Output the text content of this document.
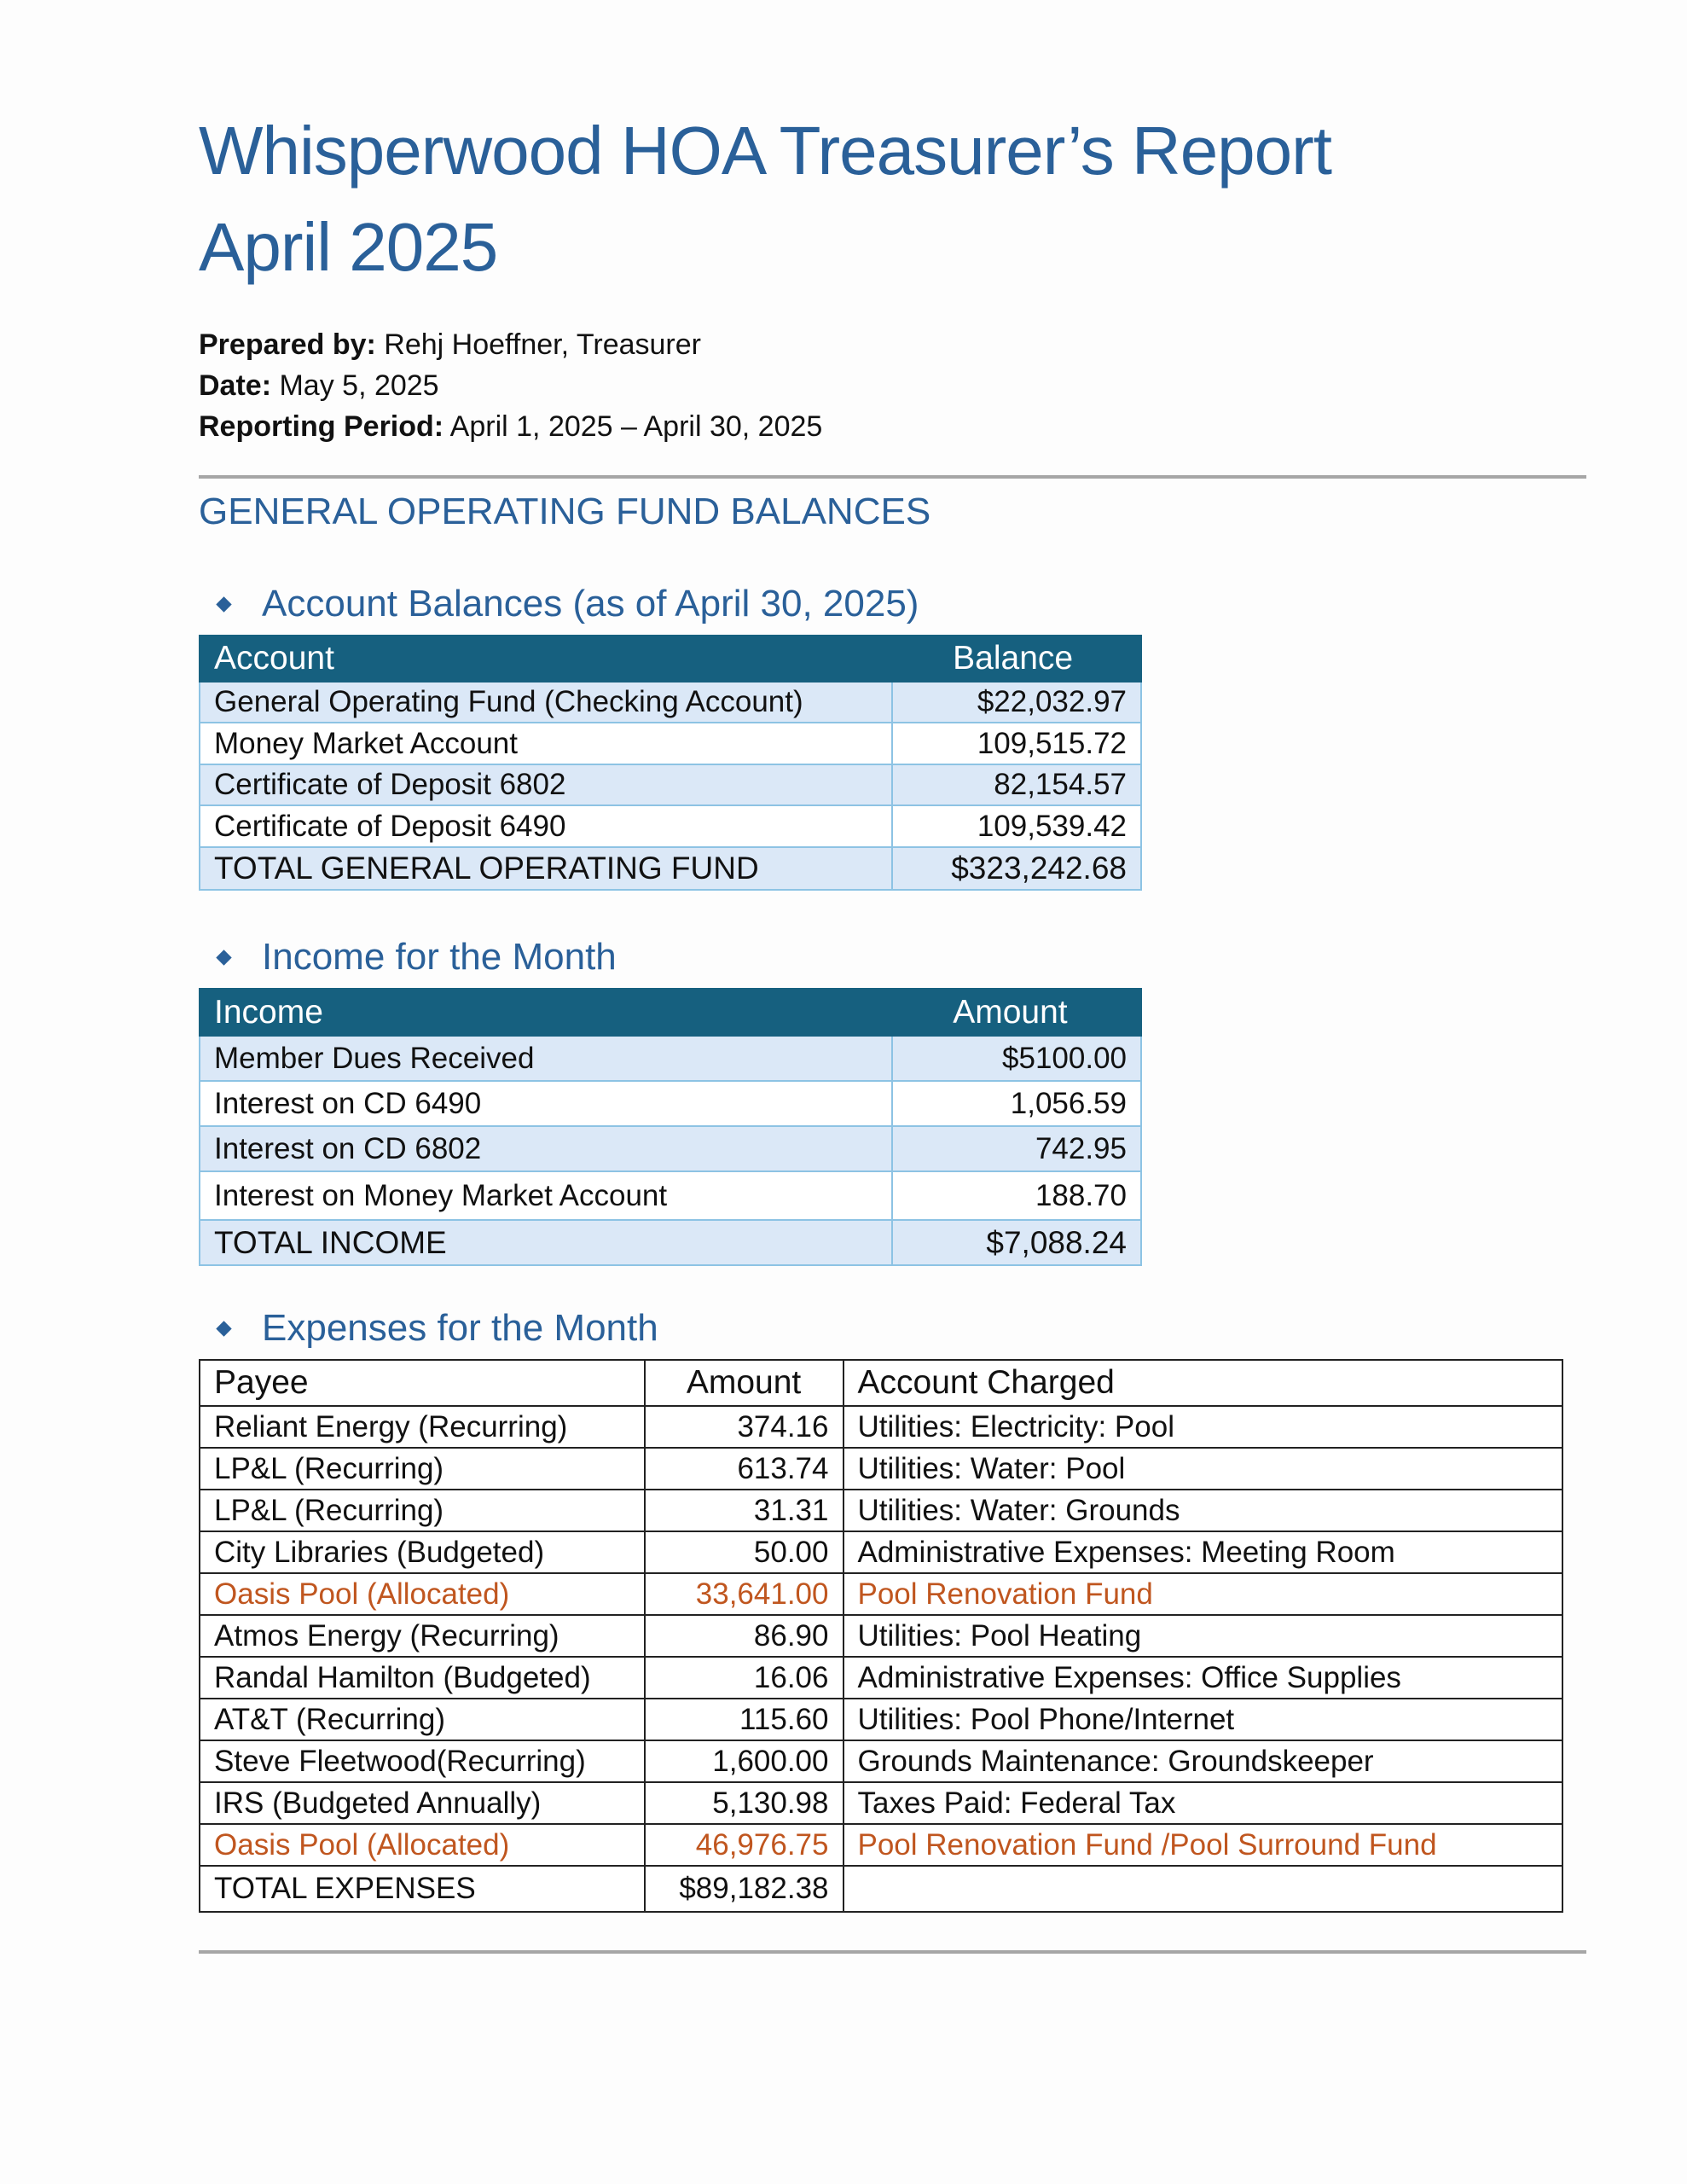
Whisperwood HOA Treasurer’s Report
April 2025
Prepared by: Rehj Hoeffner, Treasurer
Date: May 5, 2025
Reporting Period: April 1, 2025 – April 30, 2025
GENERAL OPERATING FUND BALANCES
Account Balances (as of April 30, 2025)
Account	Balance
General Operating Fund (Checking Account)	$22,032.97
Money Market Account	109,515.72
Certificate of Deposit 6802	82,154.57
Certificate of Deposit 6490	109,539.42
TOTAL GENERAL OPERATING FUND	$323,242.68
Income for the Month
Income	Amount
Member Dues Received	$5100.00
Interest on CD 6490	1,056.59
Interest on CD 6802	742.95
Interest on Money Market Account	188.70
TOTAL INCOME	$7,088.24
Expenses for the Month
Payee	Amount	Account Charged
Reliant Energy (Recurring)	374.16	Utilities: Electricity: Pool
LP&L (Recurring)	613.74	Utilities: Water: Pool
LP&L (Recurring)	31.31	Utilities: Water: Grounds
City Libraries (Budgeted)	50.00	Administrative Expenses: Meeting Room
Oasis Pool (Allocated)	33,641.00	Pool Renovation Fund
Atmos Energy (Recurring)	86.90	Utilities: Pool Heating
Randal Hamilton (Budgeted)	16.06	Administrative Expenses: Office Supplies
AT&T (Recurring)	115.60	Utilities: Pool Phone/Internet
Steve Fleetwood(Recurring)	1,600.00	Grounds Maintenance: Groundskeeper
IRS (Budgeted Annually)	5,130.98	Taxes Paid: Federal Tax
Oasis Pool (Allocated)	46,976.75	Pool Renovation Fund /Pool Surround Fund
TOTAL EXPENSES	$89,182.38	
